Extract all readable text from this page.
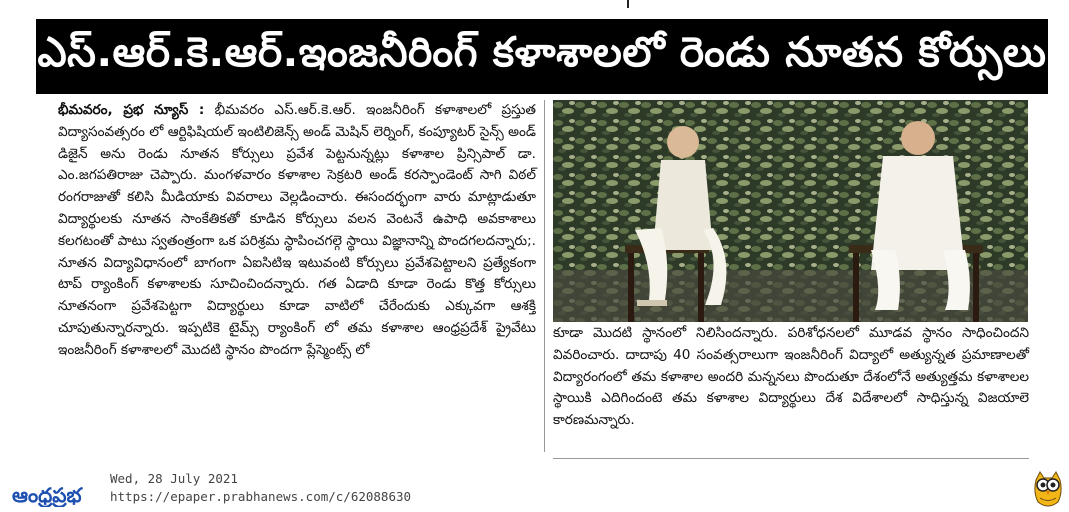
ఎస్.ఆర్.కె.ఆర్.ఇంజనీరింగ్ కళాశాలలో రెండు నూతన కోర్సులు

భీమవరం, ప్రభ న్యూస్ : భీమవరం ఎస్.ఆర్.కె.ఆర్. ఇంజనీరింగ్ కళాశాలలో ప్రస్తుత విద్యాసంవత్సరం లో ఆర్టిఫిషియల్ ఇంటిలిజెన్స్ అండ్ మెషిన్ లెర్నింగ్, కంప్యూటర్ సైన్స్ అండ్ డిజైన్ అను రెండు నూతన కోర్సులు ప్రవేశ పెట్టనున్నట్లు కళాశాల ప్రిన్సిపాల్ డా. ఎం.జగపతిరాజు చెప్పారు. మంగళవారం కళాశాల సెక్రటరి అండ్ కరస్పాండెంట్ సాగి విఠల్ రంగరాజుతో కలిసి మీడియాకు వివరాలు వెల్లడించారు. ఈసందర్భంగా వారు మాట్లాడుతూ విద్యార్థులకు నూతన సాంకేతికతో కూడిన కోర్సులు వలన వెంటనే ఉపాధి అవకాశాలు కలగటంతో పాటు స్వతంత్రంగా ఒక పరిశ్రమ స్థాపించగల్గె స్థాయి విజ్ఞానాన్ని పొందగలదన్నారు;. నూతన విద్యావిధానంలో బాగంగా ఏఐసిటిఇ ఇటువంటి కోర్సులు ప్రవేశపెట్టాలని ప్రత్యేకంగా టాప్ ర్యాంకింగ్ కళాశాలకు సూచించిందన్నారు. గత ఏడాది కూడా రెండు కొత్త కోర్సులు నూతనంగా ప్రవేశపెట్టగా విద్యార్థులు కూడా వాటిలో చేరేందుకు ఎక్కువగా ఆశక్తి చూపుతున్నారన్నారు. ఇప్పటికె టైమ్స్ ర్యాంకింగ్ లో తమ కళాశాల ఆంధ్రప్రదేశ్ ప్రైవేటు ఇంజనీరింగ్ కళాశాలలో మొదటి స్థానం పొందగా ప్లేస్మెంట్స్ లో

కూడా మొదటి స్థానంలో నిలిసిందన్నారు. పరిశోధనలలో మూడవ స్థానం సాధించిందని వివరించారు. దాదాపు 40 సంవత్సరాలుగా ఇంజనీరింగ్ విద్యాలో అత్యున్నత ప్రమాణాలతో విద్యారంగంలో తమ కళాశాల అందరి మన్ననలు పొందుతూ దేశంలోనే అత్యుత్తమ కళాశాలల స్థాయికి ఎదిగిందంటె తమ కళాశాల విద్యార్థులు దేశ విదేశాలలో సాధిస్తున్న విజయాలె కారణమన్నారు.

ఆంధ్రప్రభ
Wed, 28 July 2021
https://epaper.prabhanews.com/c/62088630
